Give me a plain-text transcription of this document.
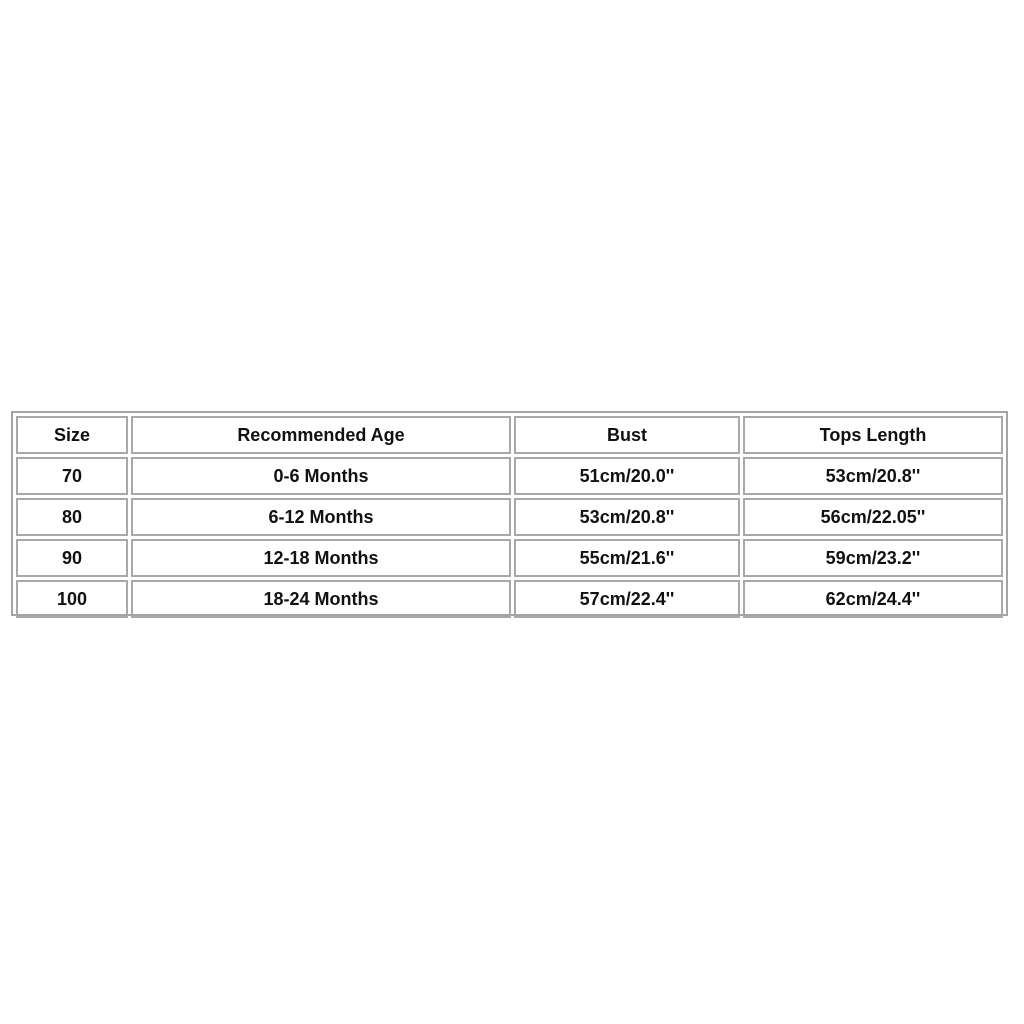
Size	Recommended Age	Bust	Tops Length
70	0-6 Months	51cm/20.0''	53cm/20.8''
80	6-12 Months	53cm/20.8''	56cm/22.05''
90	12-18 Months	55cm/21.6''	59cm/23.2''
100	18-24 Months	57cm/22.4''	62cm/24.4''
